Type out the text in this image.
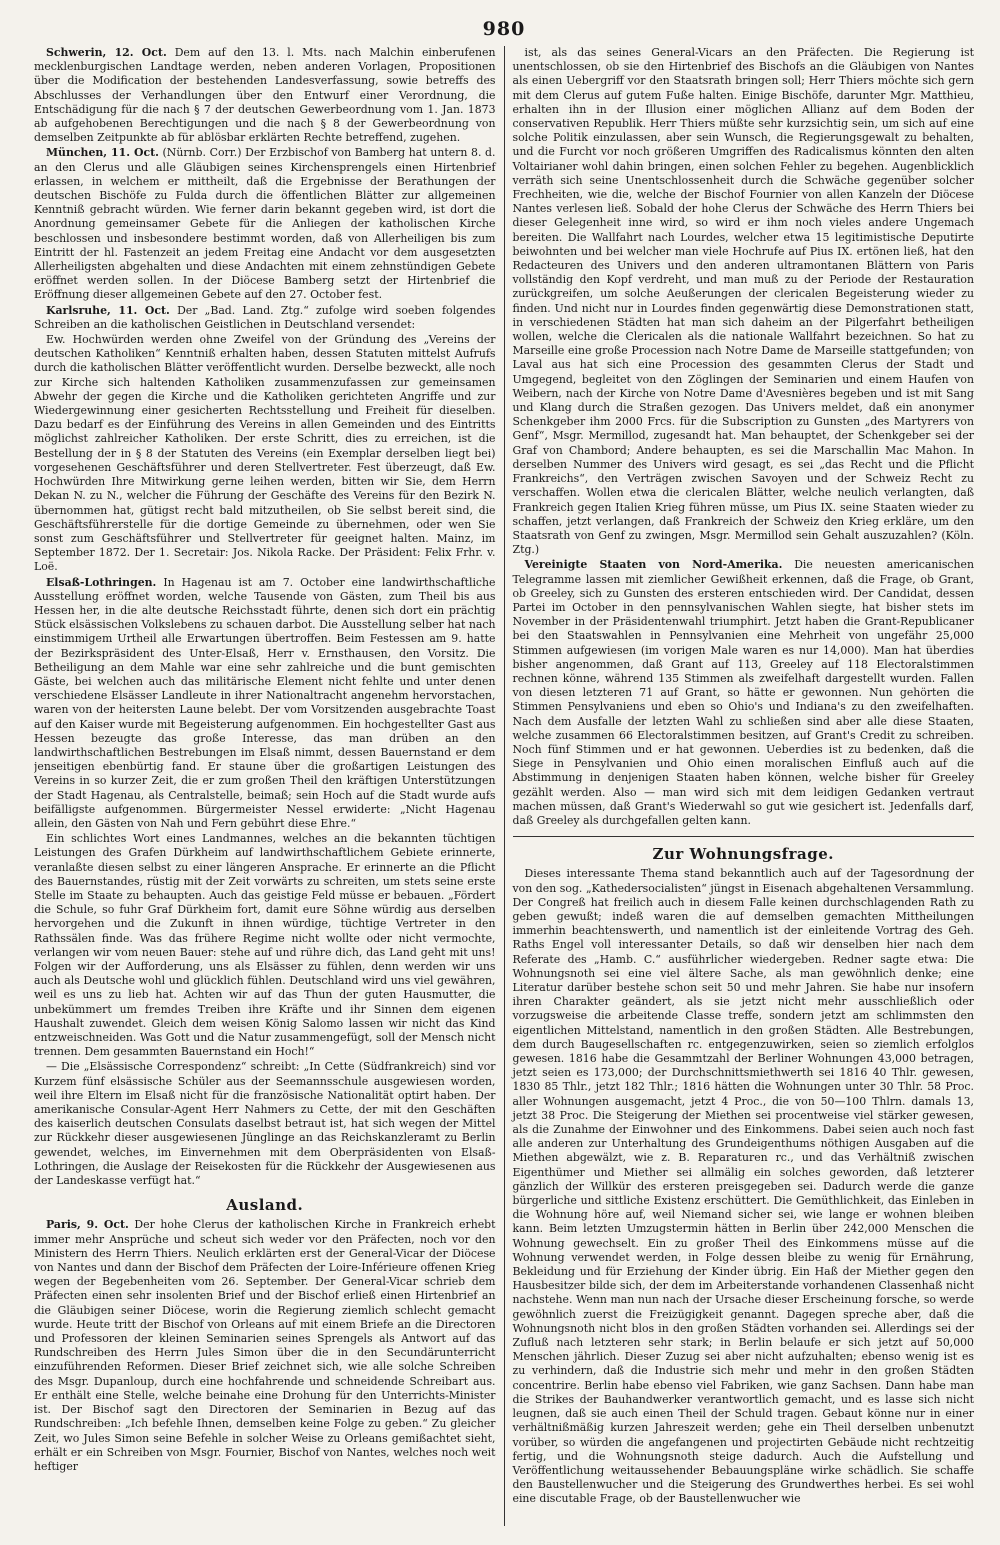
980

Schwerin, 12. Oct. Dem auf den 13. l. Mts. nach Malchin einberufenen mecklenburgischen Landtage werden, neben anderen Vorlagen, Propositionen über die Modification der bestehenden Landesverfassung, sowie betreffs des Abschlusses der Verhandlungen über den Entwurf einer Verordnung, die Entschädigung für die nach § 7 der deutschen Gewerbeordnung vom 1. Jan. 1873 ab aufgehobenen Berechtigungen und die nach § 8 der Gewerbeordnung von demselben Zeitpunkte ab für ablösbar erklärten Rechte betreffend, zugehen.

München, 11. Oct. (Nürnb. Corr.) Der Erzbischof von Bamberg hat untern 8. d. an den Clerus und alle Gläubigen seines Kirchensprengels einen Hirtenbrief erlassen, in welchem er mittheilt, daß die Ergebnisse der Berathungen der deutschen Bischöfe zu Fulda durch die öffentlichen Blätter zur allgemeinen Kenntniß gebracht würden. Wie ferner darin bekannt gegeben wird, ist dort die Anordnung gemeinsamer Gebete für die Anliegen der katholischen Kirche beschlossen und insbesondere bestimmt worden, daß von Allerheiligen bis zum Eintritt der hl. Fastenzeit an jedem Freitag eine Andacht vor dem ausgesetzten Allerheiligsten abgehalten und diese Andachten mit einem zehnstündigen Gebete eröffnet werden sollen. In der Diöcese Bamberg setzt der Hirtenbrief die Eröffnung dieser allgemeinen Gebete auf den 27. October fest.

Karlsruhe, 11. Oct. Der „Bad. Land. Ztg.“ zufolge wird soeben folgendes Schreiben an die katholischen Geistlichen in Deutschland versendet:

Ew. Hochwürden werden ohne Zweifel von der Gründung des „Vereins der deutschen Katholiken“ Kenntniß erhalten haben, dessen Statuten mittelst Aufrufs durch die katholischen Blätter veröffentlicht wurden. Derselbe bezweckt, alle noch zur Kirche sich haltenden Katholiken zusammenzufassen zur gemeinsamen Abwehr der gegen die Kirche und die Katholiken gerichteten Angriffe und zur Wiedergewinnung einer gesicherten Rechtsstellung und Freiheit für dieselben. Dazu bedarf es der Einführung des Vereins in allen Gemeinden und des Eintritts möglichst zahlreicher Katholiken. Der erste Schritt, dies zu erreichen, ist die Bestellung der in § 8 der Statuten des Vereins (ein Exemplar derselben liegt bei) vorgesehenen Geschäftsführer und deren Stellvertreter. Fest überzeugt, daß Ew. Hochwürden Ihre Mitwirkung gerne leihen werden, bitten wir Sie, dem Herrn Dekan N. zu N., welcher die Führung der Geschäfte des Vereins für den Bezirk N. übernommen hat, gütigst recht bald mitzutheilen, ob Sie selbst bereit sind, die Geschäftsführerstelle für die dortige Gemeinde zu übernehmen, oder wen Sie sonst zum Geschäftsführer und Stellvertreter für geeignet halten. Mainz, im September 1872. Der 1. Secretair: Jos. Nikola Racke. Der Präsident: Felix Frhr. v. Loë.

Elsaß-Lothringen. In Hagenau ist am 7. October eine landwirthschaftliche Ausstellung eröffnet worden, welche Tausende von Gästen, zum Theil bis aus Hessen her, in die alte deutsche Reichsstadt führte, denen sich dort ein prächtig Stück elsässischen Volkslebens zu schauen darbot. Die Ausstellung selber hat nach einstimmigem Urtheil alle Erwartungen übertroffen. Beim Festessen am 9. hatte der Bezirkspräsident des Unter-Elsaß, Herr v. Ernsthausen, den Vorsitz. Die Betheiligung an dem Mahle war eine sehr zahlreiche und die bunt gemischten Gäste, bei welchen auch das militärische Element nicht fehlte und unter denen verschiedene Elsässer Landleute in ihrer Nationaltracht angenehm hervorstachen, waren von der heitersten Laune belebt. Der vom Vorsitzenden ausgebrachte Toast auf den Kaiser wurde mit Begeisterung aufgenommen. Ein hochgestellter Gast aus Hessen bezeugte das große Interesse, das man drüben an den landwirthschaftlichen Bestrebungen im Elsaß nimmt, dessen Bauernstand er dem jenseitigen ebenbürtig fand. Er staune über die großartigen Leistungen des Vereins in so kurzer Zeit, die er zum großen Theil den kräftigen Unterstützungen der Stadt Hagenau, als Centralstelle, beimaß; sein Hoch auf die Stadt wurde aufs beifälligste aufgenommen. Bürgermeister Nessel erwiderte: „Nicht Hagenau allein, den Gästen von Nah und Fern gebührt diese Ehre.“

Ein schlichtes Wort eines Landmannes, welches an die bekannten tüchtigen Leistungen des Grafen Dürkheim auf landwirthschaftlichem Gebiete erinnerte, veranlaßte diesen selbst zu einer längeren Ansprache. Er erinnerte an die Pflicht des Bauernstandes, rüstig mit der Zeit vorwärts zu schreiten, um stets seine erste Stelle im Staate zu behaupten. Auch das geistige Feld müsse er bebauen. „Fördert die Schule, so fuhr Graf Dürkheim fort, damit eure Söhne würdig aus derselben hervorgehen und die Zukunft in ihnen würdige, tüchtige Vertreter in den Rathssälen finde. Was das frühere Regime nicht wollte oder nicht vermochte, verlangen wir vom neuen Bauer: stehe auf und rühre dich, das Land geht mit uns! Folgen wir der Aufforderung, uns als Elsässer zu fühlen, denn werden wir uns auch als Deutsche wohl und glücklich fühlen. Deutschland wird uns viel gewähren, weil es uns zu lieb hat. Achten wir auf das Thun der guten Hausmutter, die unbekümmert um fremdes Treiben ihre Kräfte und ihr Sinnen dem eigenen Haushalt zuwendet. Gleich dem weisen König Salomo lassen wir nicht das Kind entzweischneiden. Was Gott und die Natur zusammengefügt, soll der Mensch nicht trennen. Dem gesammten Bauernstand ein Hoch!“

— Die „Elsässische Correspondenz“ schreibt: „In Cette (Südfrankreich) sind vor Kurzem fünf elsässische Schüler aus der Seemannsschule ausgewiesen worden, weil ihre Eltern im Elsaß nicht für die französische Nationalität optirt haben. Der amerikanische Consular-Agent Herr Nahmers zu Cette, der mit den Geschäften des kaiserlich deutschen Consulats daselbst betraut ist, hat sich wegen der Mittel zur Rückkehr dieser ausgewiesenen Jünglinge an das Reichskanzleramt zu Berlin gewendet, welches, im Einvernehmen mit dem Oberpräsidenten von Elsaß-Lothringen, die Auslage der Reisekosten für die Rückkehr der Ausgewiesenen aus der Landeskasse verfügt hat.“

Ausland.

Paris, 9. Oct. Der hohe Clerus der katholischen Kirche in Frankreich erhebt immer mehr Ansprüche und scheut sich weder vor den Präfecten, noch vor den Ministern des Herrn Thiers. Neulich erklärten erst der General-Vicar der Diöcese von Nantes und dann der Bischof dem Präfecten der Loire-Inférieure offenen Krieg wegen der Begebenheiten vom 26. September. Der General-Vicar schrieb dem Präfecten einen sehr insolenten Brief und der Bischof erließ einen Hirtenbrief an die Gläubigen seiner Diöcese, worin die Regierung ziemlich schlecht gemacht wurde. Heute tritt der Bischof von Orleans auf mit einem Briefe an die Directoren und Professoren der kleinen Seminarien seines Sprengels als Antwort auf das Rundschreiben des Herrn Jules Simon über die in den Secundärunterricht einzuführenden Reformen. Dieser Brief zeichnet sich, wie alle solche Schreiben des Msgr. Dupanloup, durch eine hochfahrende und schneidende Schreibart aus. Er enthält eine Stelle, welche beinahe eine Drohung für den Unterrichts-Minister ist. Der Bischof sagt den Directoren der Seminarien in Bezug auf das Rundschreiben: „Ich befehle Ihnen, demselben keine Folge zu geben.“ Zu gleicher Zeit, wo Jules Simon seine Befehle in solcher Weise zu Orleans gemißachtet sieht, erhält er ein Schreiben von Msgr. Fournier, Bischof von Nantes, welches noch weit heftiger

ist, als das seines General-Vicars an den Präfecten. Die Regierung ist unentschlossen, ob sie den Hirtenbrief des Bischofs an die Gläubigen von Nantes als einen Uebergriff vor den Staatsrath bringen soll; Herr Thiers möchte sich gern mit dem Clerus auf gutem Fuße halten. Einige Bischöfe, darunter Mgr. Matthieu, erhalten ihn in der Illusion einer möglichen Allianz auf dem Boden der conservativen Republik. Herr Thiers müßte sehr kurzsichtig sein, um sich auf eine solche Politik einzulassen, aber sein Wunsch, die Regierungsgewalt zu behalten, und die Furcht vor noch größeren Umgriffen des Radicalismus könnten den alten Voltairianer wohl dahin bringen, einen solchen Fehler zu begehen. Augenblicklich verräth sich seine Unentschlossenheit durch die Schwäche gegenüber solcher Frechheiten, wie die, welche der Bischof Fournier von allen Kanzeln der Diöcese Nantes verlesen ließ. Sobald der hohe Clerus der Schwäche des Herrn Thiers bei dieser Gelegenheit inne wird, so wird er ihm noch vieles andere Ungemach bereiten. Die Wallfahrt nach Lourdes, welcher etwa 15 legitimistische Deputirte beiwohnten und bei welcher man viele Hochrufe auf Pius IX. ertönen ließ, hat den Redacteuren des Univers und den anderen ultramontanen Blättern von Paris vollständig den Kopf verdreht, und man muß zu der Periode der Restauration zurückgreifen, um solche Aeußerungen der clericalen Begeisterung wieder zu finden. Und nicht nur in Lourdes finden gegenwärtig diese Demonstrationen statt, in verschiedenen Städten hat man sich daheim an der Pilgerfahrt betheiligen wollen, welche die Clericalen als die nationale Wallfahrt bezeichnen. So hat zu Marseille eine große Procession nach Notre Dame de Marseille stattgefunden; von Laval aus hat sich eine Procession des gesammten Clerus der Stadt und Umgegend, begleitet von den Zöglingen der Seminarien und einem Haufen von Weibern, nach der Kirche von Notre Dame d'Avesnières begeben und ist mit Sang und Klang durch die Straßen gezogen. Das Univers meldet, daß ein anonymer Schenkgeber ihm 2000 Frcs. für die Subscription zu Gunsten „des Martyrers von Genf“, Msgr. Mermillod, zugesandt hat. Man behauptet, der Schenkgeber sei der Graf von Chambord; Andere behaupten, es sei die Marschallin Mac Mahon. In derselben Nummer des Univers wird gesagt, es sei „das Recht und die Pflicht Frankreichs“, den Verträgen zwischen Savoyen und der Schweiz Recht zu verschaffen. Wollen etwa die clericalen Blätter, welche neulich verlangten, daß Frankreich gegen Italien Krieg führen müsse, um Pius IX. seine Staaten wieder zu schaffen, jetzt verlangen, daß Frankreich der Schweiz den Krieg erkläre, um den Staatsrath von Genf zu zwingen, Msgr. Mermillod sein Gehalt auszuzahlen? (Köln. Ztg.)

Vereinigte Staaten von Nord-Amerika. Die neuesten americanischen Telegramme lassen mit ziemlicher Gewißheit erkennen, daß die Frage, ob Grant, ob Greeley, sich zu Gunsten des ersteren entschieden wird. Der Candidat, dessen Partei im October in den pennsylvanischen Wahlen siegte, hat bisher stets im November in der Präsidentenwahl triumphirt. Jetzt haben die Grant-Republicaner bei den Staatswahlen in Pennsylvanien eine Mehrheit von ungefähr 25,000 Stimmen aufgewiesen (im vorigen Male waren es nur 14,000). Man hat überdies bisher angenommen, daß Grant auf 113, Greeley auf 118 Electoralstimmen rechnen könne, während 135 Stimmen als zweifelhaft dargestellt wurden. Fallen von diesen letzteren 71 auf Grant, so hätte er gewonnen. Nun gehörten die Stimmen Pensylvaniens und eben so Ohio's und Indiana's zu den zweifelhaften. Nach dem Ausfalle der letzten Wahl zu schließen sind aber alle diese Staaten, welche zusammen 66 Electoralstimmen besitzen, auf Grant's Credit zu schreiben. Noch fünf Stimmen und er hat gewonnen. Ueberdies ist zu bedenken, daß die Siege in Pensylvanien und Ohio einen moralischen Einfluß auch auf die Abstimmung in denjenigen Staaten haben können, welche bisher für Greeley gezählt werden. Also — man wird sich mit dem leidigen Gedanken vertraut machen müssen, daß Grant's Wiederwahl so gut wie gesichert ist. Jedenfalls darf, daß Greeley als durchgefallen gelten kann.

Zur Wohnungsfrage.

Dieses interessante Thema stand bekanntlich auch auf der Tagesordnung der von den sog. „Kathedersocialisten“ jüngst in Eisenach abgehaltenen Versammlung. Der Congreß hat freilich auch in diesem Falle keinen durchschlagenden Rath zu geben gewußt; indeß waren die auf demselben gemachten Mittheilungen immerhin beachtenswerth, und namentlich ist der einleitende Vortrag des Geh. Raths Engel voll interessanter Details, so daß wir denselben hier nach dem Referate des „Hamb. C.“ ausführlicher wiedergeben. Redner sagte etwa: Die Wohnungsnoth sei eine viel ältere Sache, als man gewöhnlich denke; eine Literatur darüber bestehe schon seit 50 und mehr Jahren. Sie habe nur insofern ihren Charakter geändert, als sie jetzt nicht mehr ausschließlich oder vorzugsweise die arbeitende Classe treffe, sondern jetzt am schlimmsten den eigentlichen Mittelstand, namentlich in den großen Städten. Alle Bestrebungen, dem durch Baugesellschaften rc. entgegenzuwirken, seien so ziemlich erfolglos gewesen. 1816 habe die Gesammtzahl der Berliner Wohnungen 43,000 betragen, jetzt seien es 173,000; der Durchschnittsmiethwerth sei 1816 40 Thlr. gewesen, 1830 85 Thlr., jetzt 182 Thlr.; 1816 hätten die Wohnungen unter 30 Thlr. 58 Proc. aller Wohnungen ausgemacht, jetzt 4 Proc., die von 50—100 Thlrn. damals 13, jetzt 38 Proc. Die Steigerung der Miethen sei procentweise viel stärker gewesen, als die Zunahme der Einwohner und des Einkommens. Dabei seien auch noch fast alle anderen zur Unterhaltung des Grundeigenthums nöthigen Ausgaben auf die Miethen abgewälzt, wie z. B. Reparaturen rc., und das Verhältniß zwischen Eigenthümer und Miether sei allmälig ein solches geworden, daß letzterer gänzlich der Willkür des ersteren preisgegeben sei. Dadurch werde die ganze bürgerliche und sittliche Existenz erschüttert. Die Gemüthlichkeit, das Einleben in die Wohnung höre auf, weil Niemand sicher sei, wie lange er wohnen bleiben kann. Beim letzten Umzugstermin hätten in Berlin über 242,000 Menschen die Wohnung gewechselt. Ein zu großer Theil des Einkommens müsse auf die Wohnung verwendet werden, in Folge dessen bleibe zu wenig für Ernährung, Bekleidung und für Erziehung der Kinder übrig. Ein Haß der Miether gegen den Hausbesitzer bilde sich, der dem im Arbeiterstande vorhandenen Classenhaß nicht nachstehe. Wenn man nun nach der Ursache dieser Erscheinung forsche, so werde gewöhnlich zuerst die Freizügigkeit genannt. Dagegen spreche aber, daß die Wohnungsnoth nicht blos in den großen Städten vorhanden sei. Allerdings sei der Zufluß nach letzteren sehr stark; in Berlin belaufe er sich jetzt auf 50,000 Menschen jährlich. Dieser Zuzug sei aber nicht aufzuhalten; ebenso wenig ist es zu verhindern, daß die Industrie sich mehr und mehr in den großen Städten concentrire. Berlin habe ebenso viel Fabriken, wie ganz Sachsen. Dann habe man die Strikes der Bauhandwerker verantwortlich gemacht, und es lasse sich nicht leugnen, daß sie auch einen Theil der Schuld tragen. Gebaut könne nur in einer verhältnißmäßig kurzen Jahreszeit werden; gehe ein Theil derselben unbenutzt vorüber, so würden die angefangenen und projectirten Gebäude nicht rechtzeitig fertig, und die Wohnungsnoth steige dadurch. Auch die Aufstellung und Veröffentlichung weitaussehender Bebauungspläne wirke schädlich. Sie schaffe den Baustellenwucher und die Steigerung des Grundwerthes herbei. Es sei wohl eine discutable Frage, ob der Baustellenwucher wie
